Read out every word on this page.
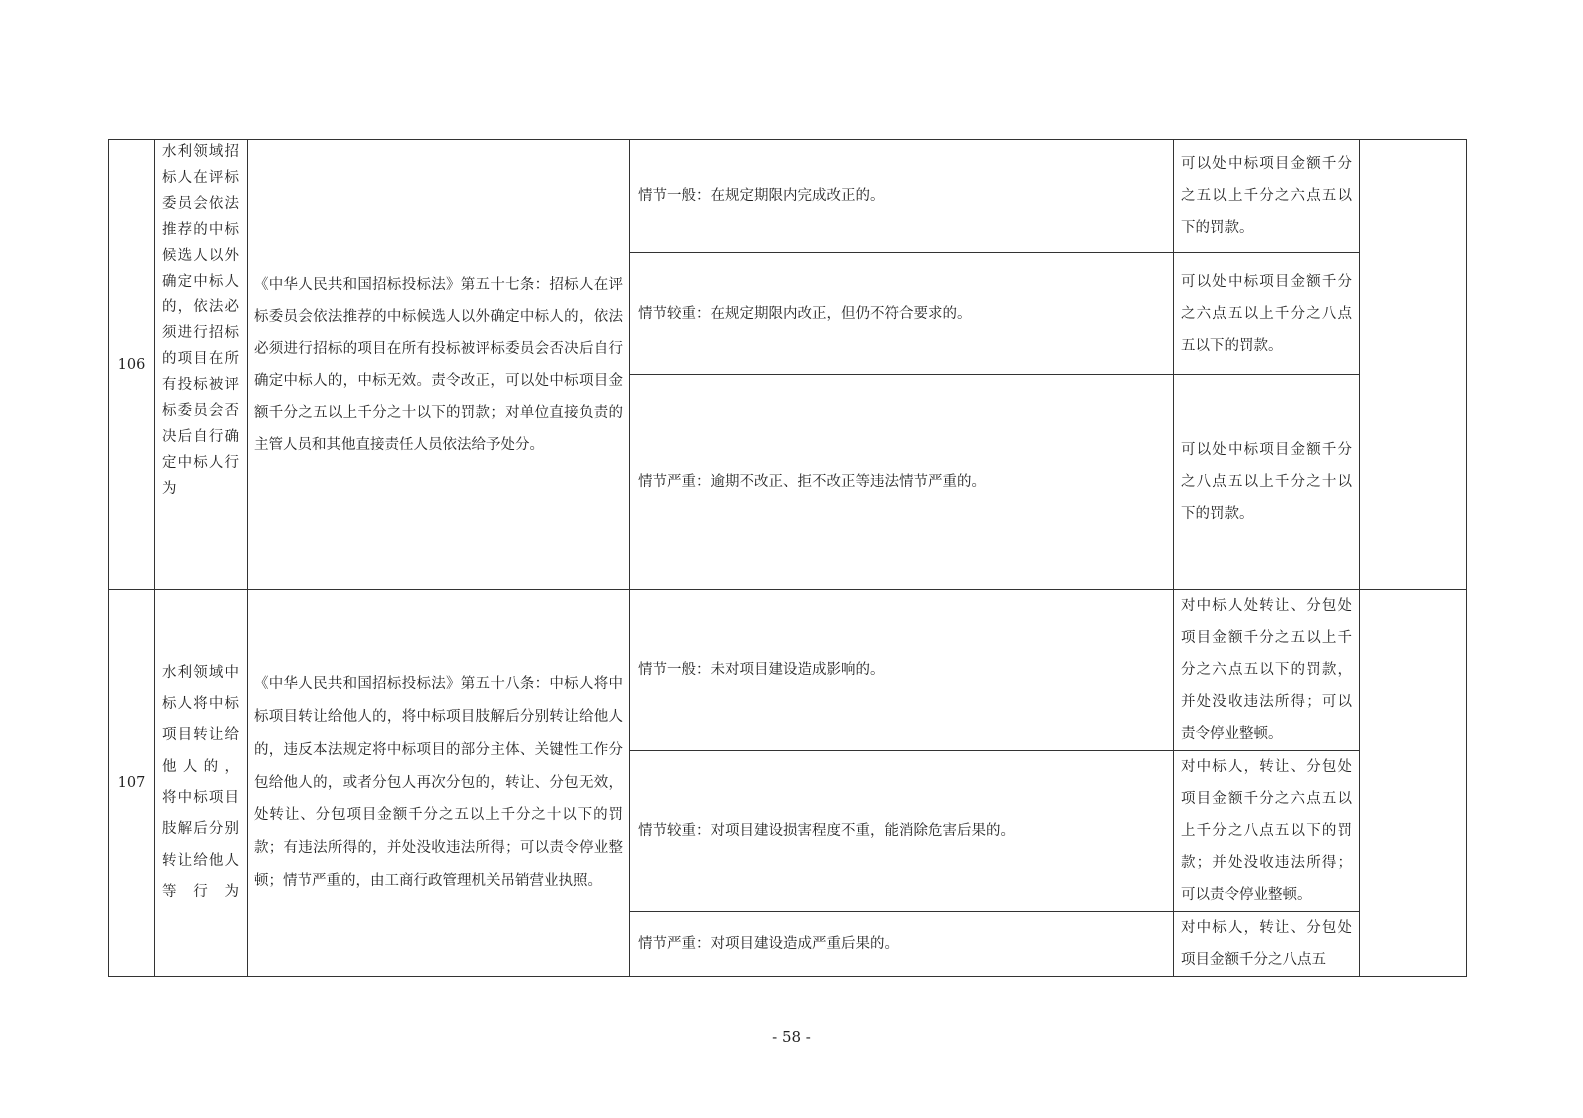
106	水利领域招标人在评标委员会依法推荐的中标候选人以外确定中标人的，依法必须进行招标的项目在所有投标被评标委员会否决后自行确定中标人行为	《中华人民共和国招标投标法》第五十七条：招标人在评标委员会依法推荐的中标候选人以外确定中标人的，依法必须进行招标的项目在所有投标被评标委员会否决后自行确定中标人的，中标无效。责令改正，可以处中标项目金额千分之五以上千分之十以下的罚款；对单位直接负责的主管人员和其他直接责任人员依法给予处分。	情节一般：在规定期限内完成改正的。	可以处中标项目金额千分之五以上千分之六点五以下的罚款。	

			情节较重：在规定期限内改正，但仍不符合要求的。	可以处中标项目金额千分之六点五以上千分之八点五以下的罚款。	

			情节严重：逾期不改正、拒不改正等违法情节严重的。	可以处中标项目金额千分之八点五以上千分之十以下的罚款。	

107	水利领域中标人将中标项目转让给他人的， 将中标项目肢解后分别转让给他人等行为	《中华人民共和国招标投标法》第五十八条：中标人将中标项目转让给他人的，将中标项目肢解后分别转让给他人的，违反本法规定将中标项目的部分主体、关键性工作分包给他人的，或者分包人再次分包的，转让、分包无效，处转让、分包项目金额千分之五以上千分之十以下的罚款；有违法所得的，并处没收违法所得；可以责令停业整顿；情节严重的，由工商行政管理机关吊销营业执照。	情节一般：未对项目建设造成影响的。	对中标人处转让、分包处项目金额千分之五以上千分之六点五以下的罚款，并处没收违法所得；可以责令停业整顿。	

			情节较重：对项目建设损害程度不重，能消除危害后果的。	对中标人，转让、分包处项目金额千分之六点五以上千分之八点五以下的罚款；并处没收违法所得；可以责令停业整顿。	

			情节严重：对项目建设造成严重后果的。	对中标人，转让、分包处项目金额千分之八点五	
- 58 -
